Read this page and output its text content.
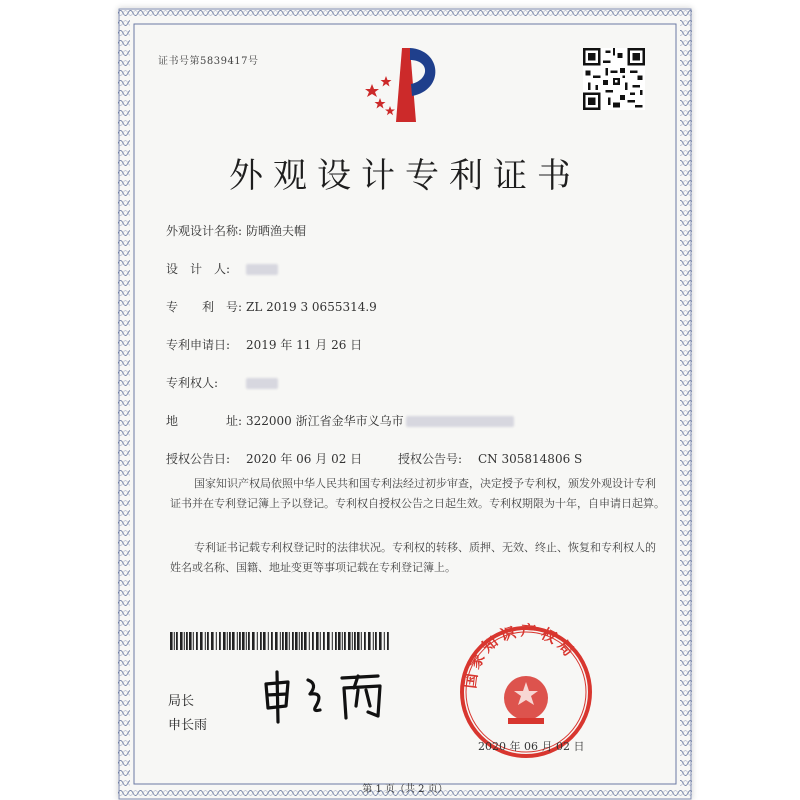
证书号第5839417号
外观设计专利证书
外观设计名称: 防晒渔夫帽
设　计　人:
专　　利　号: ZL 2019 3 0655314.9
专利申请日: 2019 年 11 月 26 日
专利权人:
地　　　　址: 322000 浙江省金华市义乌市
授权公告日: 2020 年 06 月 02 日	授权公告号: CN 305814806 S
国家知识产权局依照中华人民共和国专利法经过初步审查，决定授予专利权，颁发外观设计专利证书并在专利登记簿上予以登记。专利权自授权公告之日起生效。专利权期限为十年，自申请日起算。
专利证书记载专利权登记时的法律状况。专利权的转移、质押、无效、终止、恢复和专利权人的姓名或名称、国籍、地址变更等事项记载在专利登记簿上。
局长
申长雨
国家知识产权局
2020 年 06 月 02 日
第 1 页（共 2 页）
